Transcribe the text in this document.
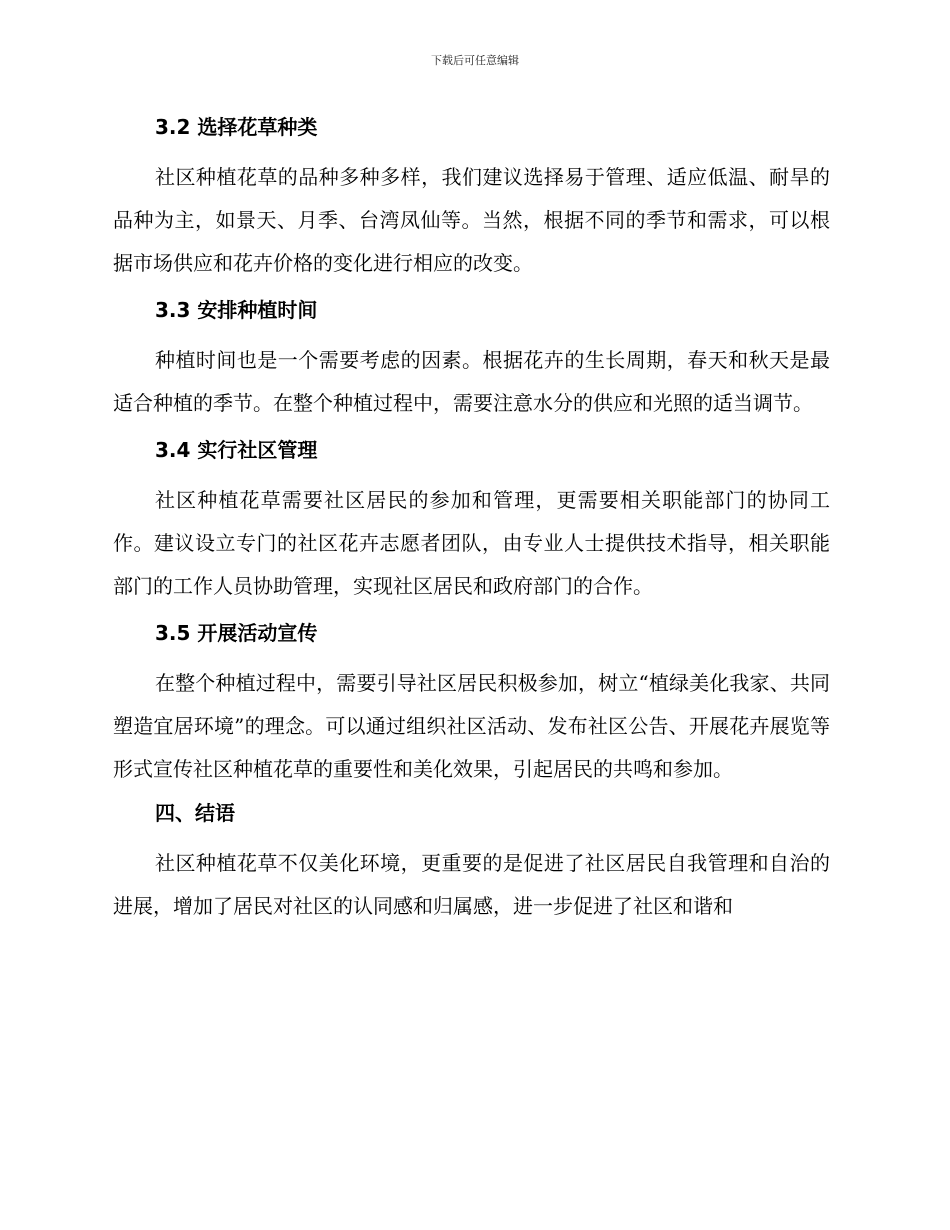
下载后可任意编辑
3.2 选择花草种类

社区种植花草的品种多种多样，我们建议选择易于管理、适应低温、耐旱的品种为主，如景天、月季、台湾凤仙等。当然，根据不同的季节和需求，可以根据市场供应和花卉价格的变化进行相应的改变。

3.3 安排种植时间

种植时间也是一个需要考虑的因素。根据花卉的生长周期，春天和秋天是最适合种植的季节。在整个种植过程中，需要注意水分的供应和光照的适当调节。

3.4 实行社区管理

社区种植花草需要社区居民的参加和管理，更需要相关职能部门的协同工作。建议设立专门的社区花卉志愿者团队，由专业人士提供技术指导，相关职能部门的工作人员协助管理，实现社区居民和政府部门的合作。

3.5 开展活动宣传

在整个种植过程中，需要引导社区居民积极参加，树立“植绿美化我家、共同塑造宜居环境”的理念。可以通过组织社区活动、发布社区公告、开展花卉展览等形式宣传社区种植花草的重要性和美化效果，引起居民的共鸣和参加。

四、结语

社区种植花草不仅美化环境，更重要的是促进了社区居民自我管理和自治的进展，增加了居民对社区的认同感和归属感，进一步促进了社区和谐和
